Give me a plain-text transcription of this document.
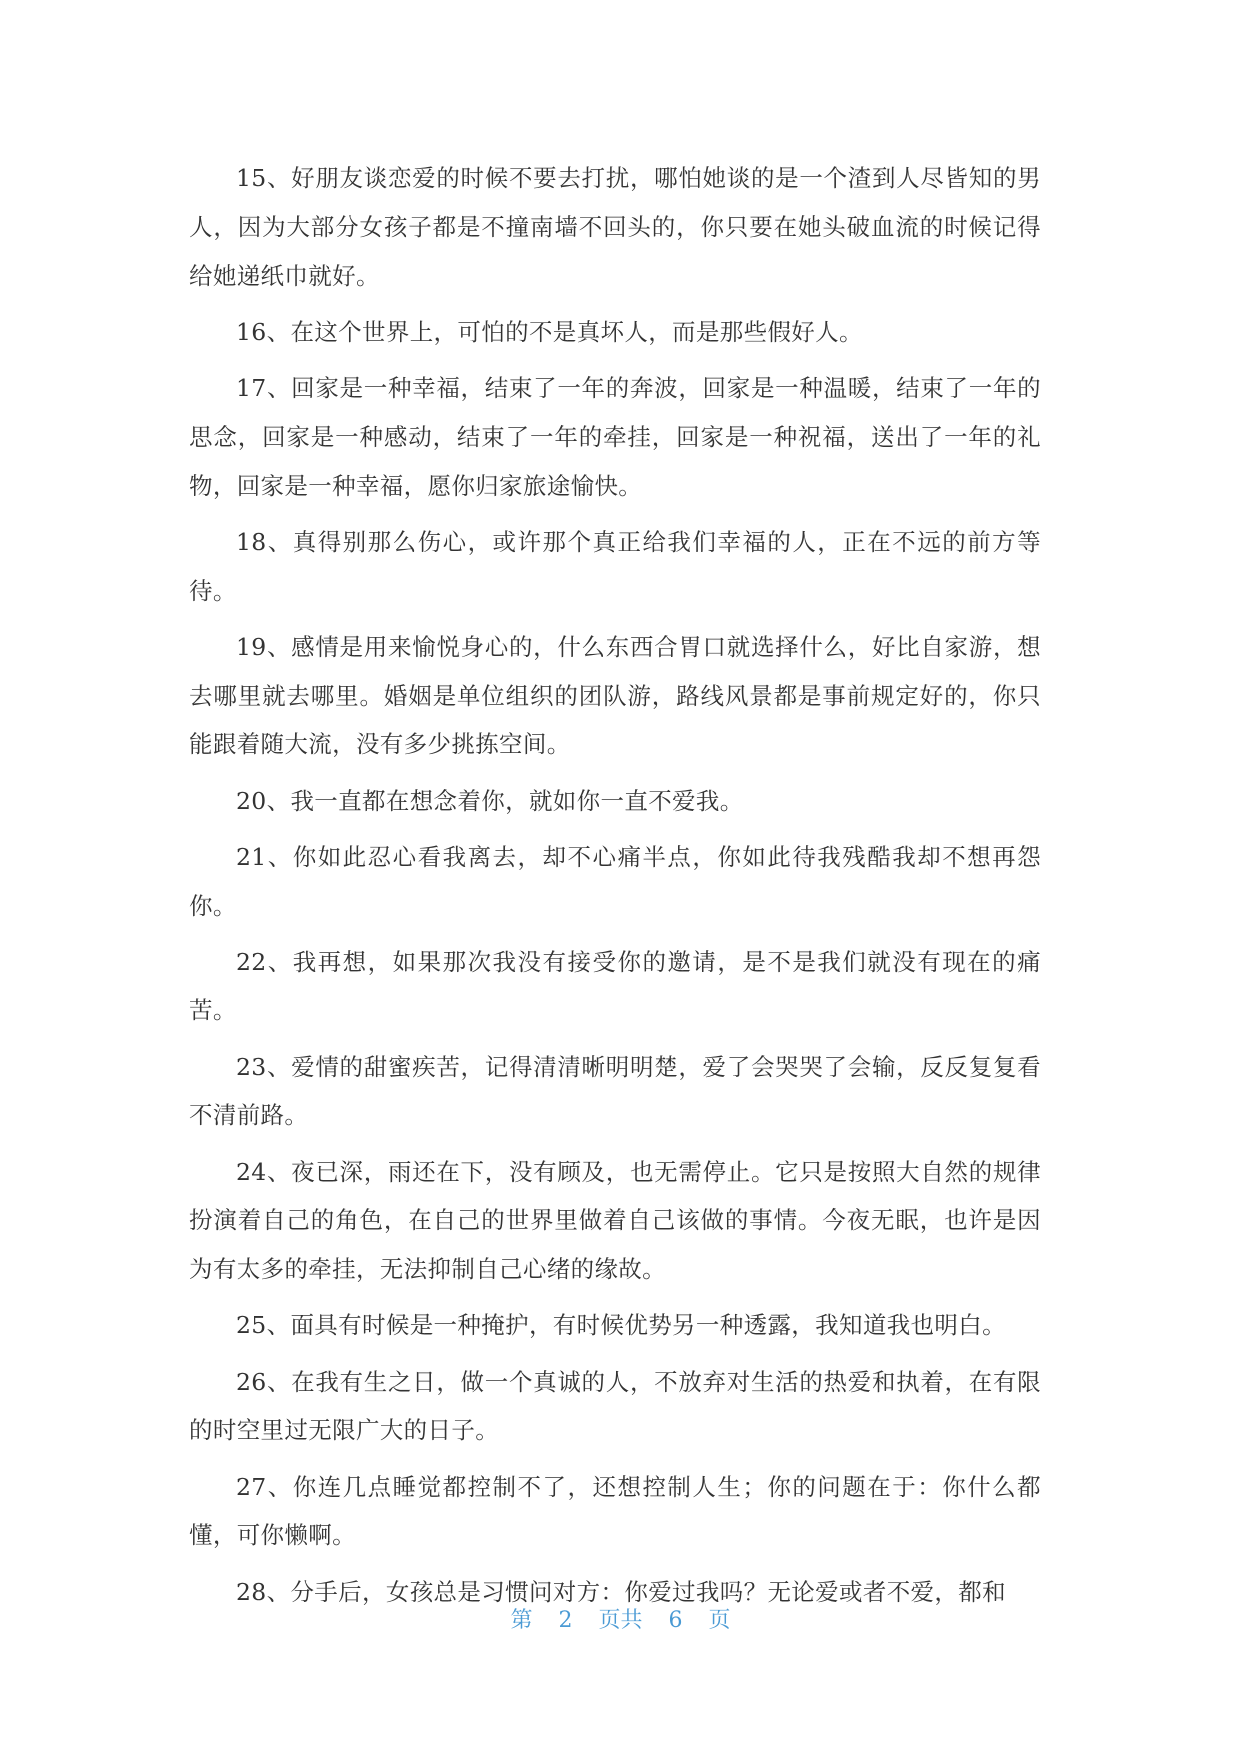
15、好朋友谈恋爱的时候不要去打扰，哪怕她谈的是一个渣到人尽皆知的男人，因为大部分女孩子都是不撞南墙不回头的，你只要在她头破血流的时候记得给她递纸巾就好。

16、在这个世界上，可怕的不是真坏人，而是那些假好人。

17、回家是一种幸福，结束了一年的奔波，回家是一种温暖，结束了一年的思念，回家是一种感动，结束了一年的牵挂，回家是一种祝福，送出了一年的礼物，回家是一种幸福，愿你归家旅途愉快。

18、真得别那么伤心，或许那个真正给我们幸福的人，正在不远的前方等待。

19、感情是用来愉悦身心的，什么东西合胃口就选择什么，好比自家游，想去哪里就去哪里。婚姻是单位组织的团队游，路线风景都是事前规定好的，你只能跟着随大流，没有多少挑拣空间。

20、我一直都在想念着你，就如你一直不爱我。

21、你如此忍心看我离去，却不心痛半点，你如此待我残酷我却不想再怨你。

22、我再想，如果那次我没有接受你的邀请，是不是我们就没有现在的痛苦。

23、爱情的甜蜜疾苦，记得清清晰明明楚，爱了会哭哭了会输，反反复复看不清前路。

24、夜已深，雨还在下，没有顾及，也无需停止。它只是按照大自然的规律扮演着自己的角色，在自己的世界里做着自己该做的事情。今夜无眠，也许是因为有太多的牵挂，无法抑制自己心绪的缘故。

25、面具有时候是一种掩护，有时候优势另一种透露，我知道我也明白。

26、在我有生之日，做一个真诚的人，不放弃对生活的热爱和执着，在有限的时空里过无限广大的日子。

27、你连几点睡觉都控制不了，还想控制人生；你的问题在于：你什么都懂，可你懒啊。

28、分手后，女孩总是习惯问对方：你爱过我吗？无论爱或者不爱，都和

第 2 页共 6 页
